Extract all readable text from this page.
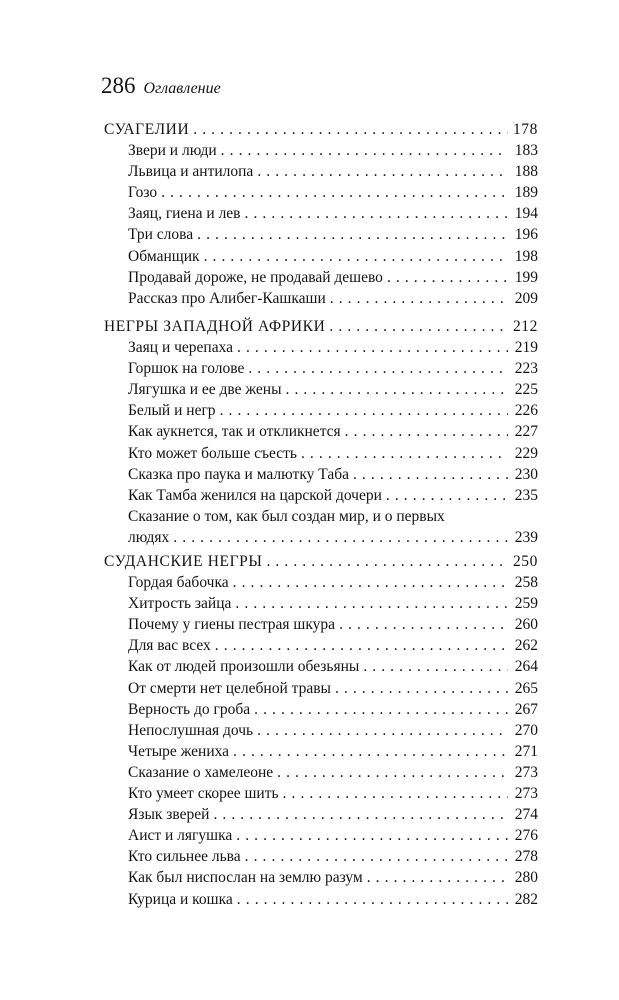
286 Оглавление
СУАГЕЛИИ . . .	178
Звери и люди . . .	183
Львица и антилопа . . .	188
Гозо . . .	189
Заяц, гиена и лев . . .	194
Три слова . . .	196
Обманщик . . .	198
Продавай дороже, не продавай дешево . . .	199
Рассказ про Алибег-Кашкаши . . .	209
НЕГРЫ ЗАПАДНОЙ АФРИКИ . . .	212
Заяц и черепаха . . .	219
Горшок на голове . . .	223
Лягушка и ее две жены . . .	225
Белый и негр . . .	226
Как аукнется, так и откликнется . . .	227
Кто может больше съесть . . .	229
Сказка про паука и малютку Таба . . .	230
Как Тамба женился на царской дочери . . .	235
Сказание о том, как был создан мир, и о первых
людях . . .	239
СУДАНСКИЕ НЕГРЫ . . .	250
Гордая бабочка . . .	258
Хитрость зайца . . .	259
Почему у гиены пестрая шкура . . .	260
Для вас всех . . .	262
Как от людей произошли обезьяны . . .	264
От смерти нет целебной травы . . .	265
Верность до гроба . . .	267
Непослушная дочь . . .	270
Четыре жениха . . .	271
Сказание о хамелеоне . . .	273
Кто умеет скорее шить . . .	273
Язык зверей . . .	274
Аист и лягушка . . .	276
Кто сильнее льва . . .	278
Как был ниспослан на землю разум . . .	280
Курица и кошка . . .	282
